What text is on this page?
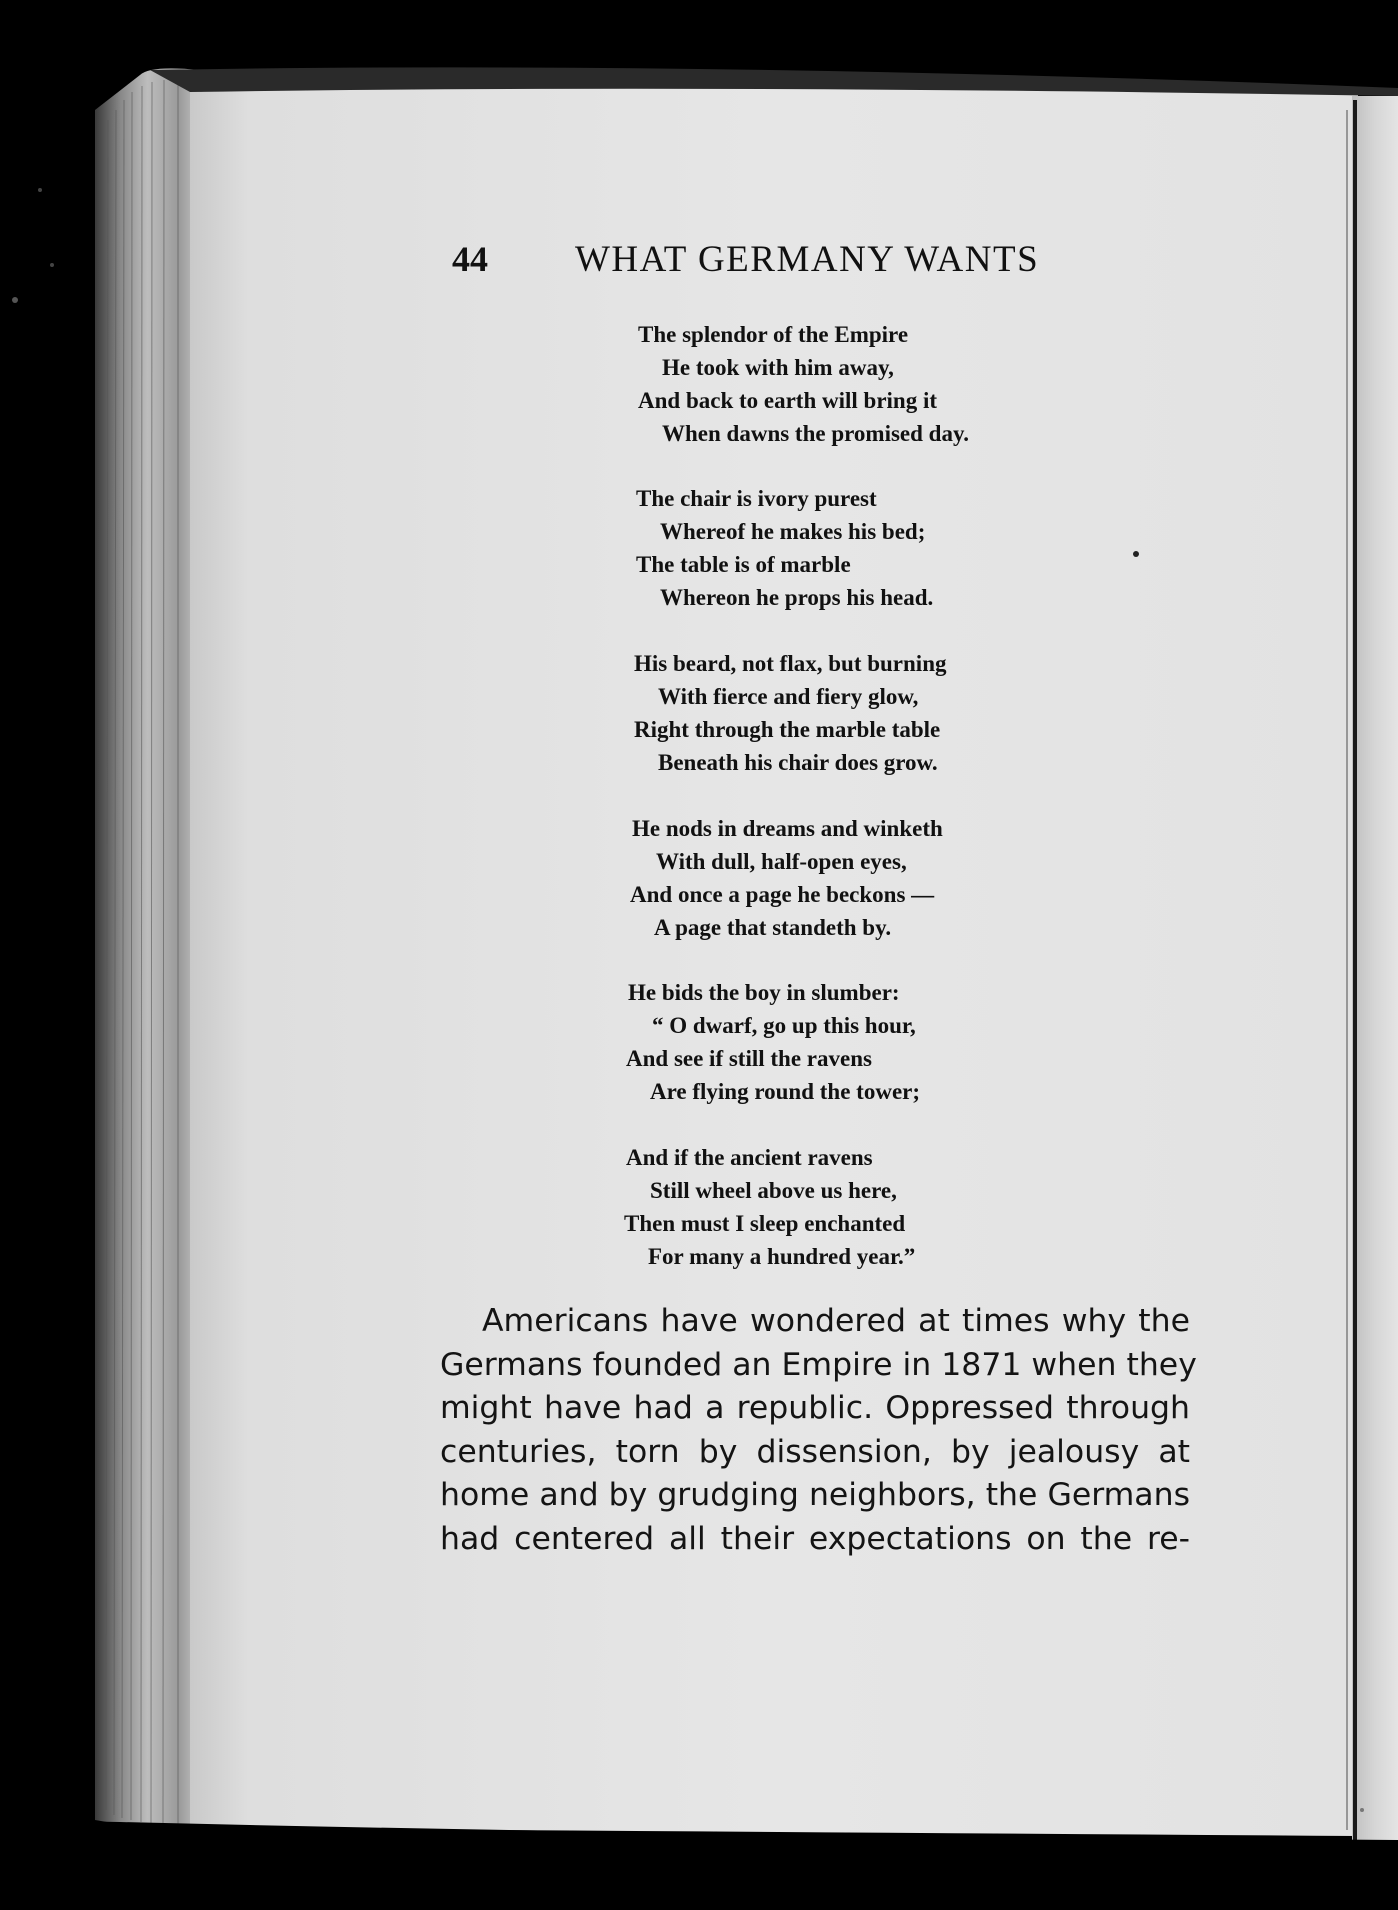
44 WHAT GERMANY WANTS
The splendor of the Empire
He took with him away,
And back to earth will bring it
When dawns the promised day.
The chair is ivory purest
Whereof he makes his bed;
The table is of marble
Whereon he props his head.
His beard, not flax, but burning
With fierce and fiery glow,
Right through the marble table
Beneath his chair does grow.
He nods in dreams and winketh
With dull, half-open eyes,
And once a page he beckons —
A page that standeth by.
He bids the boy in slumber:
“ O dwarf, go up this hour,
And see if still the ravens
Are flying round the tower;
And if the ancient ravens
Still wheel above us here,
Then must I sleep enchanted
For many a hundred year.”
Americans have wondered at times why the
Germans founded an Empire in 1871 when they
might have had a republic. Oppressed through
centuries, torn by dissension, by jealousy at
home and by grudging neighbors, the Germans
had centered all their expectations on the re-
